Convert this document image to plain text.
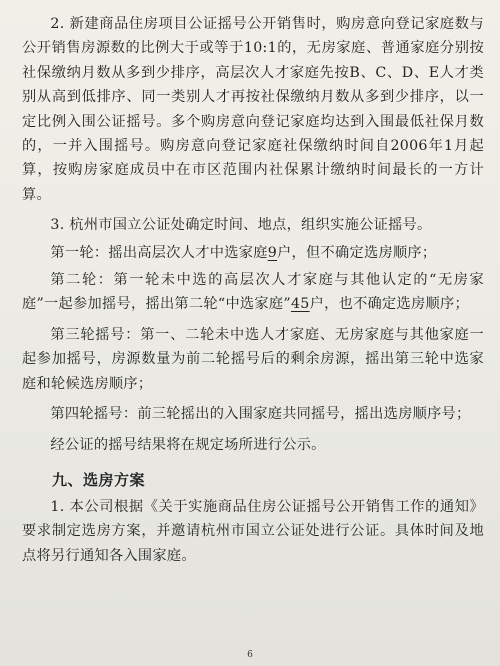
2. 新建商品住房项目公证摇号公开销售时，购房意向登记家庭数与公开销售房源数的比例大于或等于10:1的，无房家庭、普通家庭分别按社保缴纳月数从多到少排序，高层次人才家庭先按B、C、D、E人才类别从高到低排序、同一类别人才再按社保缴纳月数从多到少排序，以一定比例入围公证摇号。多个购房意向登记家庭均达到入围最低社保月数的，一并入围摇号。购房意向登记家庭社保缴纳时间自2006年1月起算，按购房家庭成员中在市区范围内社保累计缴纳时间最长的一方计算。

3. 杭州市国立公证处确定时间、地点，组织实施公证摇号。

第一轮：摇出高层次人才中选家庭9户，但不确定选房顺序；

第二轮：第一轮未中选的高层次人才家庭与其他认定的“无房家庭”一起参加摇号，摇出第二轮“中选家庭”45户，也不确定选房顺序；

第三轮摇号：第一、二轮未中选人才家庭、无房家庭与其他家庭一起参加摇号，房源数量为前二轮摇号后的剩余房源，摇出第三轮中选家庭和轮候选房顺序；

第四轮摇号：前三轮摇出的入围家庭共同摇号，摇出选房顺序号；

经公证的摇号结果将在规定场所进行公示。

九、选房方案

1. 本公司根据《关于实施商品住房公证摇号公开销售工作的通知》要求制定选房方案，并邀请杭州市国立公证处进行公证。具体时间及地点将另行通知各入围家庭。

6
